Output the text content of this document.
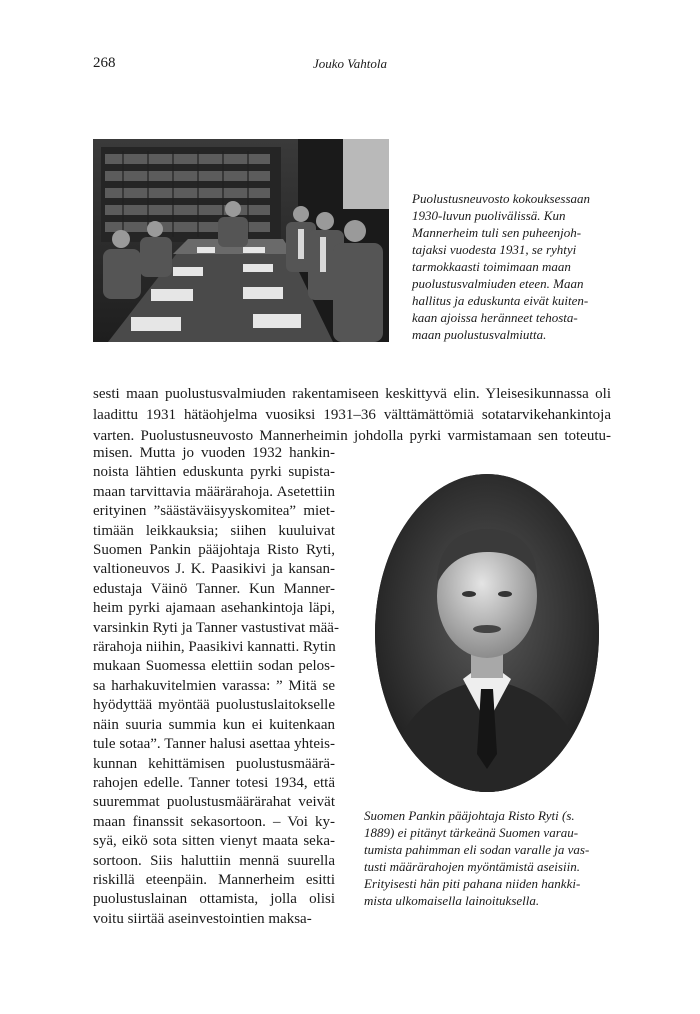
268	Jouko Vahtola
Puolustusneuvosto kokouksessaan
1930-luvun puolivälissä. Kun
Mannerheim tuli sen puheenjoh-
tajaksi vuodesta 1931, se ryhtyi
tarmokkaasti toimimaan maan
puolustusvalmiuden eteen. Maan
hallitus ja eduskunta eivät kuiten-
kaan ajoissa heränneet tehosta-
maan puolustusvalmiutta.
sesti maan puolustusvalmiuden rakentamiseen keskittyvä elin. Yleisesikunnassa oli
laadittu 1931 hätäohjelma vuosiksi 1931–36 välttämättömiä sotatarvikehankintoja
varten. Puolustusneuvosto Mannerheimin johdolla pyrki varmistamaan sen toteutu-
misen. Mutta jo vuoden 1932 hankin-
noista lähtien eduskunta pyrki supista-
maan tarvittavia määrärahoja. Asetettiin
erityinen ”säästäväisyyskomitea” miet-
timään leikkauksia; siihen kuuluivat
Suomen Pankin pääjohtaja Risto Ryti,
valtioneuvos J. K. Paasikivi ja kansan-
edustaja Väinö Tanner. Kun Manner-
heim pyrki ajamaan asehankintoja läpi,
varsinkin Ryti ja Tanner vastustivat mää-
rärahoja niihin, Paasikivi kannatti. Rytin
mukaan Suomessa elettiin sodan pelos-
sa harhakuvitelmien varassa: ” Mitä se
hyödyttää myöntää puolustuslaitokselle
näin suuria summia kun ei kuitenkaan
tule sotaa”. Tanner halusi asettaa yhteis-
kunnan kehittämisen puolustusmäärä-
rahojen edelle. Tanner totesi 1934, että
suuremmat puolustusmäärärahat veivät
maan finanssit sekasortoon. – Voi ky-
syä, eikö sota sitten vienyt maata seka-
sortoon. Siis haluttiin mennä suurella
riskillä eteenpäin. Mannerheim esitti
puolustuslainan ottamista, jolla olisi
voitu siirtää aseinvestointien maksa-
Suomen Pankin pääjohtaja Risto Ryti (s.
1889) ei pitänyt tärkeänä Suomen varau-
tumista pahimman eli sodan varalle ja vas-
tusti määrärahojen myöntämistä aseisiin.
Erityisesti hän piti pahana niiden hankki-
mista ulkomaisella lainoituksella.
